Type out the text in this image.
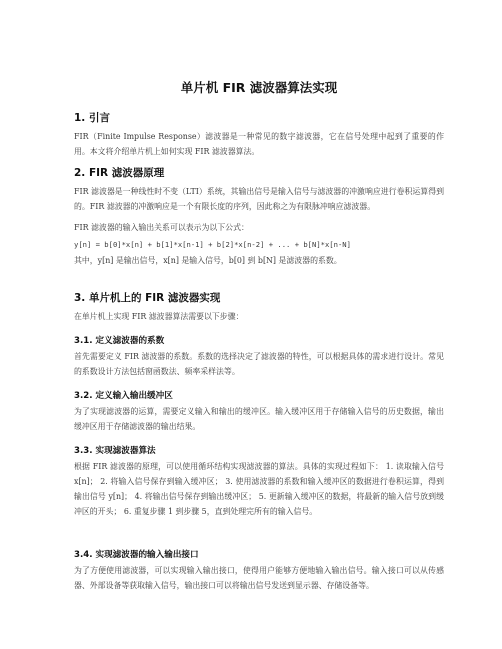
单片机 FIR 滤波器算法实现
1. 引言

FIR（Finite Impulse Response）滤波器是一种常见的数字滤波器，它在信号处理中起到了重要的作用。本文将介绍单片机上如何实现 FIR 滤波器算法。

2. FIR 滤波器原理

FIR 滤波器是一种线性时不变（LTI）系统，其输出信号是输入信号与滤波器的冲激响应进行卷积运算得到的。FIR 滤波器的冲激响应是一个有限长度的序列，因此称之为有限脉冲响应滤波器。

FIR 滤波器的输入输出关系可以表示为以下公式：

y[n] = b[0]*x[n] + b[1]*x[n-1] + b[2]*x[n-2] + ... + b[N]*x[n-N]

其中，y[n] 是输出信号，x[n] 是输入信号，b[0] 到 b[N] 是滤波器的系数。

3. 单片机上的 FIR 滤波器实现

在单片机上实现 FIR 滤波器算法需要以下步骤：

3.1. 定义滤波器的系数

首先需要定义 FIR 滤波器的系数。系数的选择决定了滤波器的特性，可以根据具体的需求进行设计。常见的系数设计方法包括窗函数法、频率采样法等。

3.2. 定义输入输出缓冲区

为了实现滤波器的运算，需要定义输入和输出的缓冲区。输入缓冲区用于存储输入信号的历史数据，输出缓冲区用于存储滤波器的输出结果。

3.3. 实现滤波器算法

根据 FIR 滤波器的原理，可以使用循环结构实现滤波器的算法。具体的实现过程如下： 1. 读取输入信号 x[n]； 2. 将输入信号保存到输入缓冲区； 3. 使用滤波器的系数和输入缓冲区的数据进行卷积运算，得到输出信号 y[n]； 4. 将输出信号保存到输出缓冲区； 5. 更新输入缓冲区的数据，将最新的输入信号放到缓冲区的开头； 6. 重复步骤 1 到步骤 5，直到处理完所有的输入信号。

3.4. 实现滤波器的输入输出接口

为了方便使用滤波器，可以实现输入输出接口，使得用户能够方便地输入输出信号。输入接口可以从传感器、外部设备等获取输入信号，输出接口可以将输出信号发送到显示器、存储设备等。
